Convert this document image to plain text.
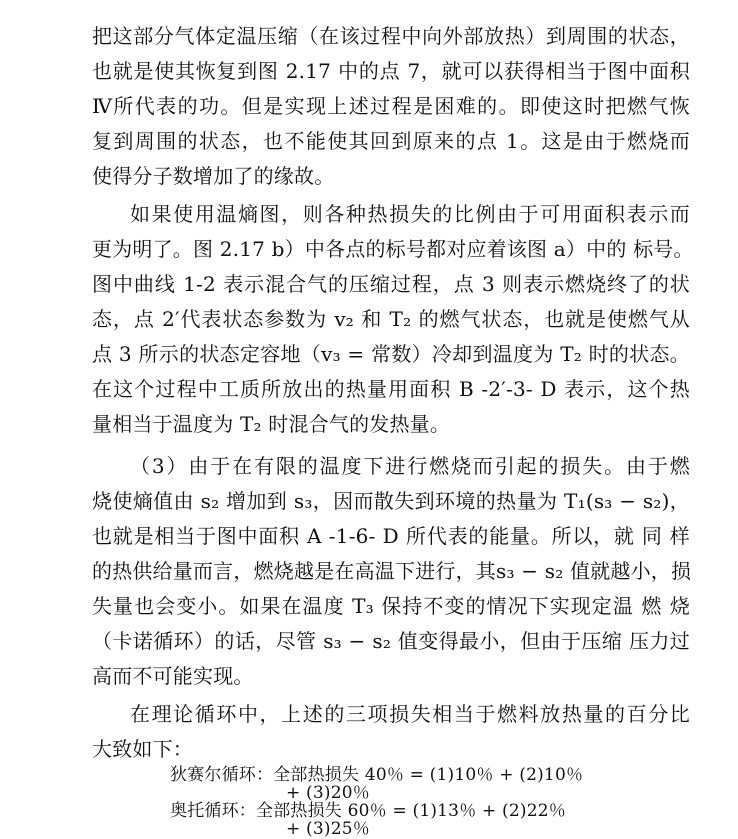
把这部分气体定温压缩（在该过程中向外部放热）到周围的状态，
也就是使其恢复到图 2.17 中的点 7，就可以获得相当于图中面积
Ⅳ所代表的功。但是实现上述过程是困难的。即使这时把燃气恢
复到周围的状态，也不能使其回到原来的点 1。这是由于燃烧而
使得分子数增加了的缘故。
如果使用温熵图，则各种热损失的比例由于可用面积表示而
更为明了。图 2.17 b）中各点的标号都对应着该图 a）中的 标号。
图中曲线 1-2 表示混合气的压缩过程，点 3 则表示燃烧终了的状
态，点 2′代表状态参数为 v₂ 和 T₂ 的燃气状态，也就是使燃气从
点 3 所示的状态定容地（v₃ = 常数）冷却到温度为 T₂ 时的状态。
在这个过程中工质所放出的热量用面积 B -2′-3- D 表示，这个热
量相当于温度为 T₂ 时混合气的发热量。
（3）由于在有限的温度下进行燃烧而引起的损失。由于燃
烧使熵值由 s₂ 增加到 s₃，因而散失到环境的热量为 T₁(s₃ − s₂)，
也就是相当于图中面积 A -1-6- D 所代表的能量。所以，就 同 样
的热供给量而言，燃烧越是在高温下进行，其s₃ − s₂ 值就越小，损
失量也会变小。如果在温度 T₃ 保持不变的情况下实现定温 燃 烧
（卡诺循环）的话，尽管 s₃ − s₂ 值变得最小，但由于压缩 压力过
高而不可能实现。
在理论循环中，上述的三项损失相当于燃料放热量的百分比
大致如下：
狄赛尔循环：全部热损失 40％ = (1)10％ + (2)10％
+ (3)20％
奥托循环：全部热损失 60％ = (1)13％ + (2)22％
+ (3)25％
